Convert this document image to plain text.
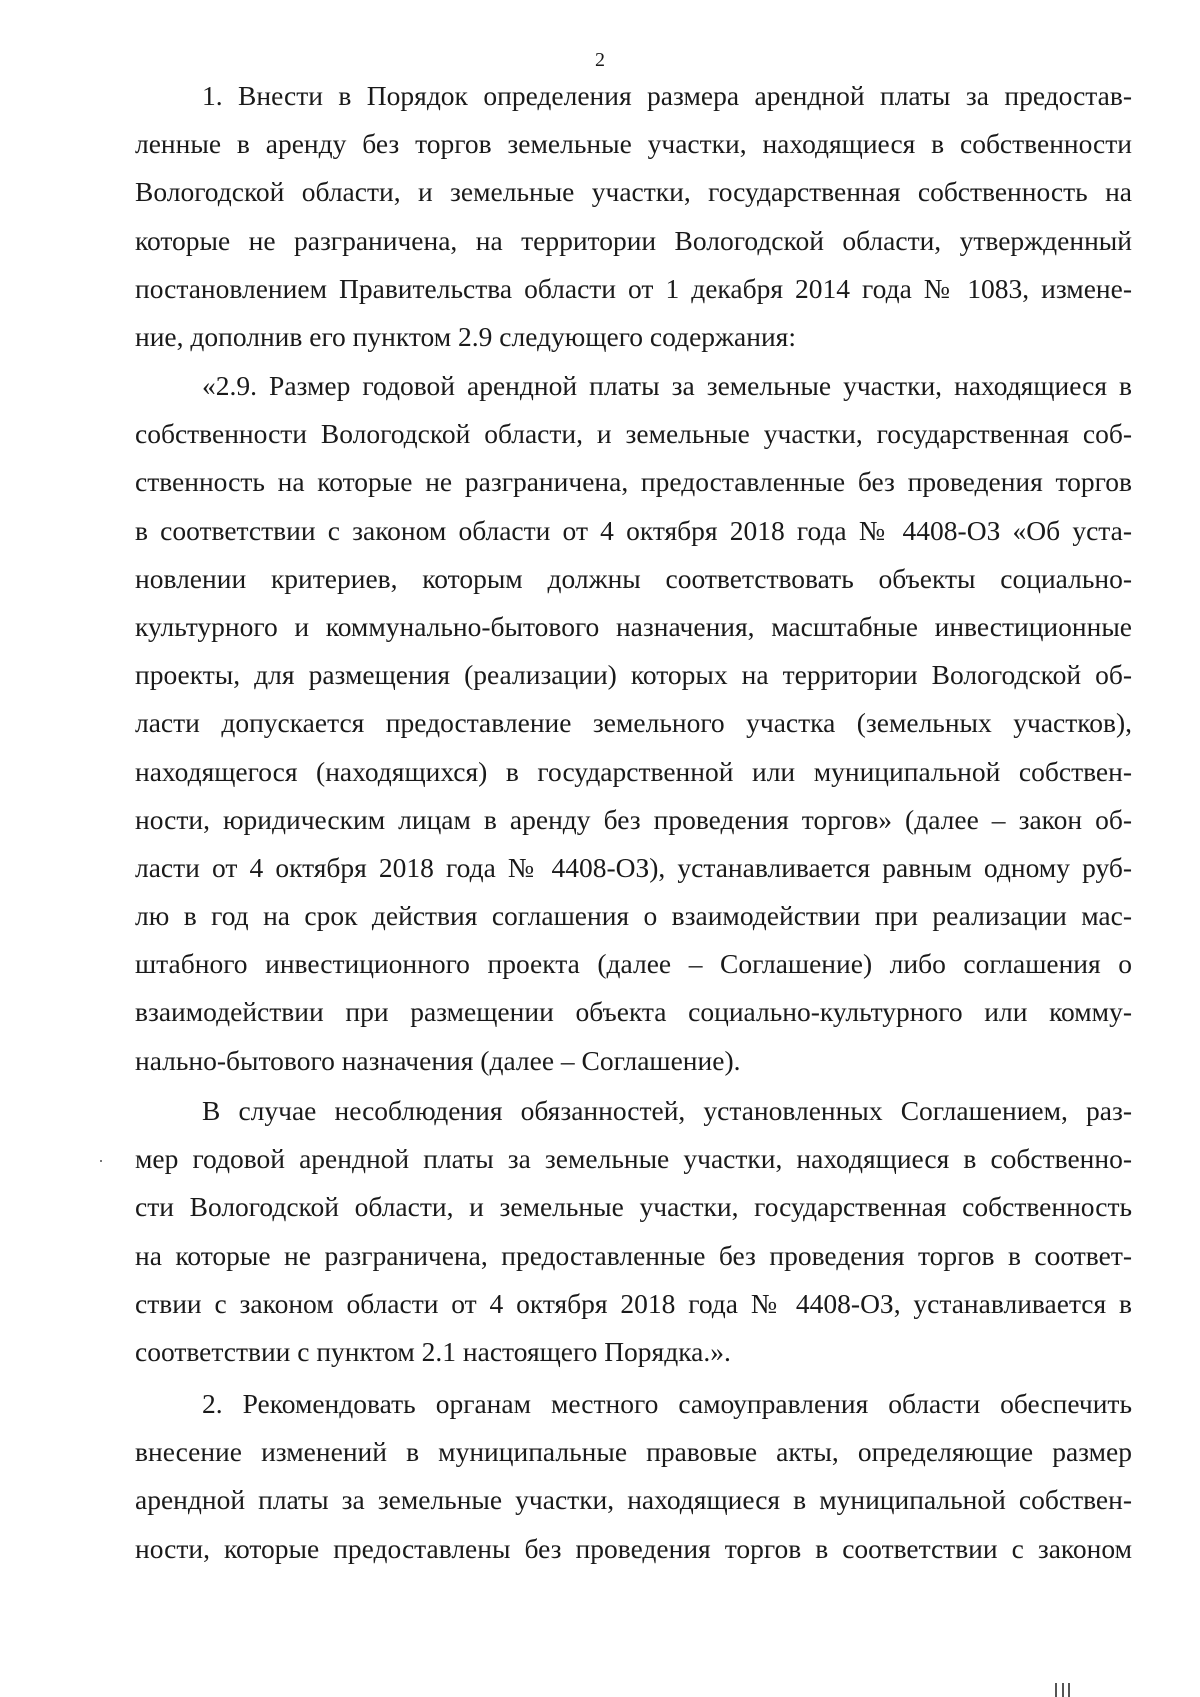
2
1. Внести в Порядок определения размера арендной платы за предостав-
ленные в аренду без торгов земельные участки, находящиеся в собственности
Вологодской области, и земельные участки, государственная собственность на
которые не разграничена, на территории Вологодской области, утвержденный
постановлением Правительства области от 1 декабря 2014 года № 1083, измене-
ние, дополнив его пунктом 2.9 следующего содержания:
«2.9. Размер годовой арендной платы за земельные участки, находящиеся в
собственности Вологодской области, и земельные участки, государственная соб-
ственность на которые не разграничена, предоставленные без проведения торгов
в соответствии с законом области от 4 октября 2018 года № 4408-ОЗ «Об уста-
новлении критериев, которым должны соответствовать объекты социально-
культурного и коммунально-бытового назначения, масштабные инвестиционные
проекты, для размещения (реализации) которых на территории Вологодской об-
ласти допускается предоставление земельного участка (земельных участков),
находящегося (находящихся) в государственной или муниципальной собствен-
ности, юридическим лицам в аренду без проведения торгов» (далее – закон об-
ласти от 4 октября 2018 года № 4408-ОЗ), устанавливается равным одному руб-
лю в год на срок действия соглашения о взаимодействии при реализации мас-
штабного инвестиционного проекта (далее – Соглашение) либо соглашения о
взаимодействии при размещении объекта социально-культурного или комму-
нально-бытового назначения (далее – Соглашение).
В случае несоблюдения обязанностей, установленных Соглашением, раз-
мер годовой арендной платы за земельные участки, находящиеся в собственно-
сти Вологодской области, и земельные участки, государственная собственность
на которые не разграничена, предоставленные без проведения торгов в соответ-
ствии с законом области от 4 октября 2018 года № 4408-ОЗ, устанавливается в
соответствии с пунктом 2.1 настоящего Порядка.».
2. Рекомендовать органам местного самоуправления области обеспечить
внесение изменений в муниципальные правовые акты, определяющие размер
арендной платы за земельные участки, находящиеся в муниципальной собствен-
ности, которые предоставлены без проведения торгов в соответствии с законом
